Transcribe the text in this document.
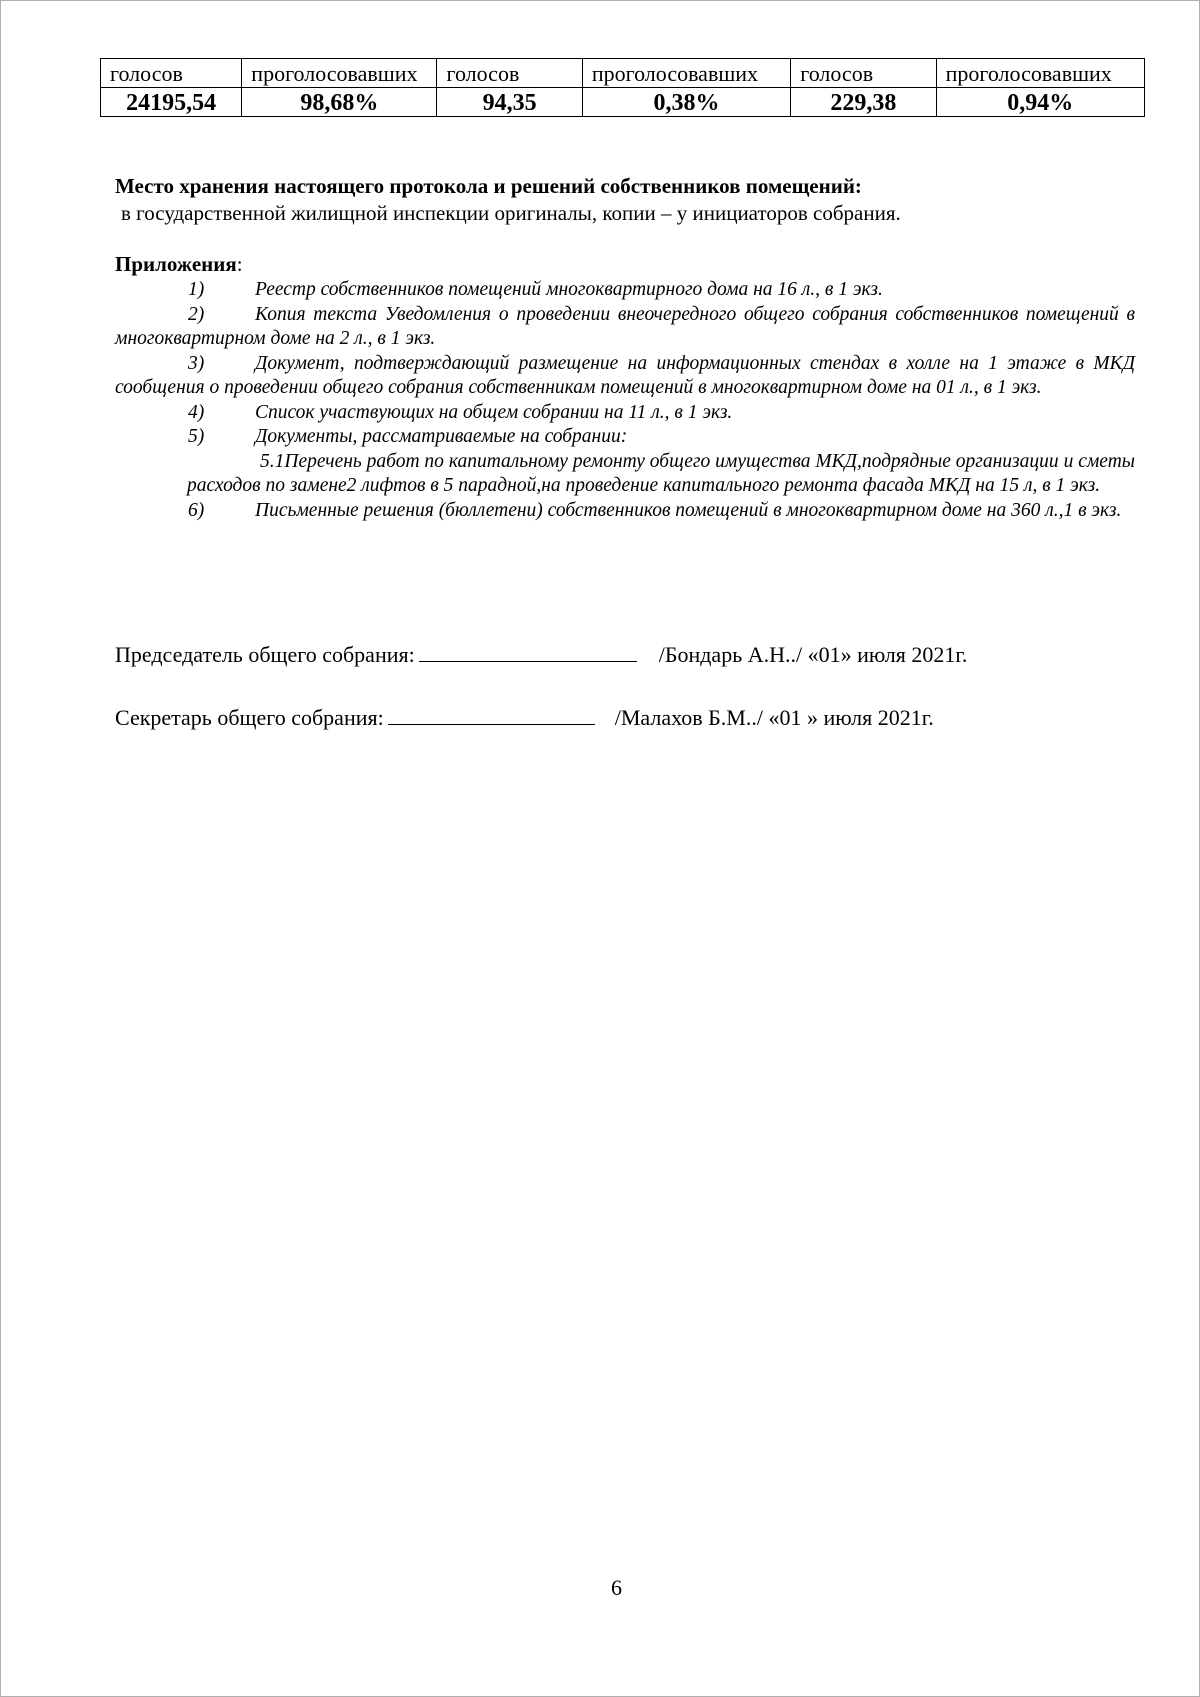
голосов	проголосовавших	голосов	проголосовавших	голосов	проголосовавших
24195,54	98,68%	94,35	0,38%	229,38	0,94%
Место хранения настоящего протокола и решений собственников помещений:
в государственной жилищной инспекции оригиналы, копии – у инициаторов собрания.
Приложения:
1)	Реестр собственников помещений многоквартирного дома на 16 л., в 1 экз.
2)	Копия текста Уведомления о проведении внеочередного общего собрания собственников помещений в многоквартирном доме на 2 л., в 1 экз.
3)	Документ, подтверждающий размещение на информационных стендах в холле на 1 этаже в МКД сообщения о проведении общего собрания собственникам помещений в многоквартирном доме на 01 л., в 1 экз.
4)	Список участвующих на общем собрании на 11 л., в 1 экз.
5)	Документы, рассматриваемые на собрании:
5.1Перечень работ по капитальному ремонту общего имущества МКД,подрядные организации и сметы расходов по замене2 лифтов в 5 парадной,на проведение капитального ремонта фасада МКД на 15 л, в 1 экз.
6)	Письменные решения (бюллетени) собственников помещений в многоквартирном доме на 360 л.,1 в экз.
Председатель общего собрания:	/Бондарь А.Н../ «01» июля 2021г.
Секретарь общего собрания:	/Малахов Б.М../ «01 » июля 2021г.
6
